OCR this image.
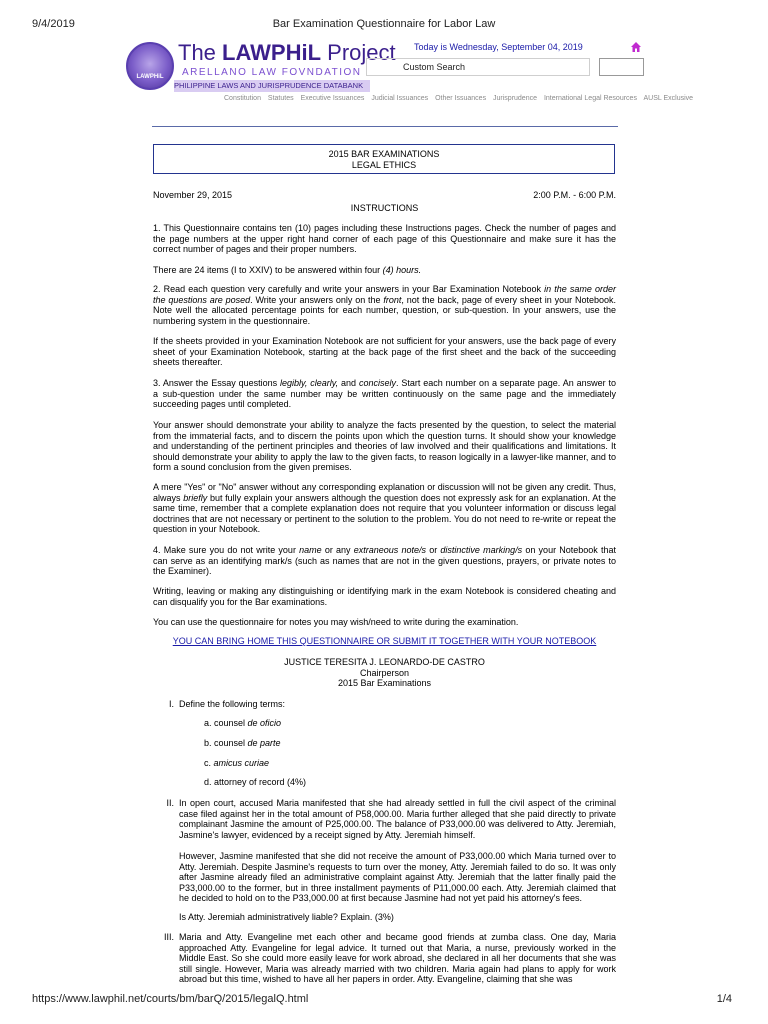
9/4/2019	Bar Examination Questionnaire for Labor Law
https://www.lawphil.net/courts/bm/barQ/2015/legalQ.html	1/4
LAWPHiL
The LAWPHiL Project
ARELLANO LAW FOVNDATION
PHILIPPINE LAWS AND JURISPRUDENCE DATABANK
Today is Wednesday, September 04, 2019
Custom Search
Constitution Statutes Executive Issuances Judicial Issuances Other Issuances Jurisprudence International Legal Resources AUSL Exclusive
2015 BAR EXAMINATIONS
LEGAL ETHICS
November 29, 2015	2:00 P.M. - 6:00 P.M.
INSTRUCTIONS
1. This Questionnaire contains ten (10) pages including these Instructions pages. Check the number of pages and the page numbers at the upper right hand corner of each page of this Questionnaire and make sure it has the correct number of pages and their proper numbers.
There are 24 items (I to XXIV) to be answered within four (4) hours.
2. Read each question very carefully and write your answers in your Bar Examination Notebook in the same order the questions are posed. Write your answers only on the front, not the back, page of every sheet in your Notebook. Note well the allocated percentage points for each number, question, or sub-question. In your answers, use the numbering system in the questionnaire.
If the sheets provided in your Examination Notebook are not sufficient for your answers, use the back page of every sheet of your Examination Notebook, starting at the back page of the first sheet and the back of the succeeding sheets thereafter.
3. Answer the Essay questions legibly, clearly, and concisely. Start each number on a separate page. An answer to a sub-question under the same number may be written continuously on the same page and the immediately succeeding pages until completed.
Your answer should demonstrate your ability to analyze the facts presented by the question, to select the material from the immaterial facts, and to discern the points upon which the question turns. It should show your knowledge and understanding of the pertinent principles and theories of law involved and their qualifications and limitations. It should demonstrate your ability to apply the law to the given facts, to reason logically in a lawyer-like manner, and to form a sound conclusion from the given premises.
A mere "Yes" or "No" answer without any corresponding explanation or discussion will not be given any credit. Thus, always briefly but fully explain your answers although the question does not expressly ask for an explanation. At the same time, remember that a complete explanation does not require that you volunteer information or discuss legal doctrines that are not necessary or pertinent to the solution to the problem. You do not need to re-write or repeat the question in your Notebook.
4. Make sure you do not write your name or any extraneous note/s or distinctive marking/s on your Notebook that can serve as an identifying mark/s (such as names that are not in the given questions, prayers, or private notes to the Examiner).
Writing, leaving or making any distinguishing or identifying mark in the exam Notebook is considered cheating and can disqualify you for the Bar examinations.
You can use the questionnaire for notes you may wish/need to write during the examination.
YOU CAN BRING HOME THIS QUESTIONNAIRE OR SUBMIT IT TOGETHER WITH YOUR NOTEBOOK
JUSTICE TERESITA J. LEONARDO-DE CASTRO
Chairperson
2015 Bar Examinations
I. Define the following terms:
a. counsel de oficio
b. counsel de parte
c. amicus curiae
d. attorney of record (4%)
II. In open court, accused Maria manifested that she had already settled in full the civil aspect of the criminal case filed against her in the total amount of P58,000.00. Maria further alleged that she paid directly to private complainant Jasmine the amount of P25,000.00. The balance of P33,000.00 was delivered to Atty. Jeremiah, Jasmine's lawyer, evidenced by a receipt signed by Atty. Jeremiah himself.
However, Jasmine manifested that she did not receive the amount of P33,000.00 which Maria turned over to Atty. Jeremiah. Despite Jasmine's requests to turn over the money, Atty. Jeremiah failed to do so. It was only after Jasmine already filed an administrative complaint against Atty. Jeremiah that the latter finally paid the P33,000.00 to the former, but in three installment payments of P11,000.00 each. Atty. Jeremiah claimed that he decided to hold on to the P33,000.00 at first because Jasmine had not yet paid his attorney's fees.
Is Atty. Jeremiah administratively liable? Explain. (3%)
III. Maria and Atty. Evangeline met each other and became good friends at zumba class. One day, Maria approached Atty. Evangeline for legal advice. It turned out that Maria, a nurse, previously worked in the Middle East. So she could more easily leave for work abroad, she declared in all her documents that she was still single. However, Maria was already married with two children. Maria again had plans to apply for work abroad but this time, wished to have all her papers in order. Atty. Evangeline, claiming that she was
